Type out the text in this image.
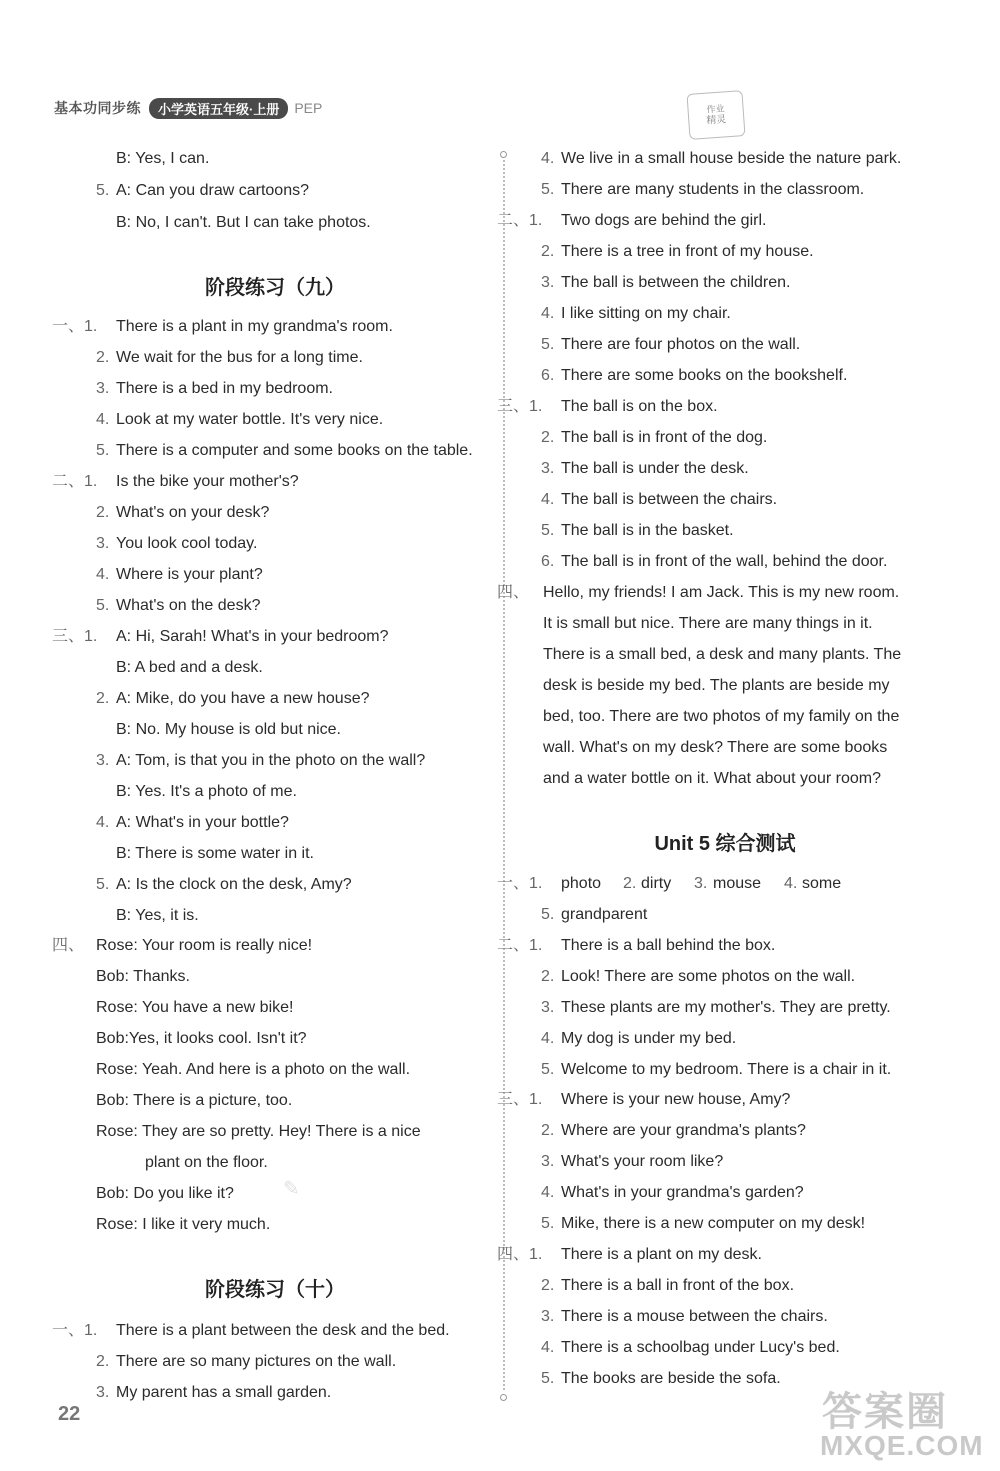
基本功同步练	小学英语五年级·上册	PEP	作业
精灵
B: Yes, I can.
5. A: Can you draw cartoons?
B: No, I can't. But I can take photos.
一、1. There is a plant in my grandma's room.
2. We wait for the bus for a long time.
3. There is a bed in my bedroom.
4. Look at my water bottle. It's very nice.
5. There is a computer and some books on the table.
二、1. Is the bike your mother's?
2. What's on your desk?
3. You look cool today.
4. Where is your plant?
5. What's on the desk?
三、1. A: Hi, Sarah! What's in your bedroom?
B: A bed and a desk.
2. A: Mike, do you have a new house?
B: No. My house is old but nice.
3. A: Tom, is that you in the photo on the wall?
B: Yes. It's a photo of me.
4. A: What's in your bottle?
B: There is some water in it.
5. A: Is the clock on the desk, Amy?
B: Yes, it is.
四、 Rose: Your room is really nice!
Bob: Thanks.
Rose: You have a new bike!
Bob:Yes, it looks cool. Isn't it?
Rose: Yeah. And here is a photo on the wall.
Bob: There is a picture, too.
Rose: They are so pretty. Hey! There is a nice
plant on the floor.
Bob: Do you like it?
Rose: I like it very much.
一、1. There is a plant between the desk and the bed.
2. There are so many pictures on the wall.
3. My parent has a small garden.
4. We live in a small house beside the nature park.
5. There are many students in the classroom.
二、1. Two dogs are behind the girl.
2. There is a tree in front of my house.
3. The ball is between the children.
4. I like sitting on my chair.
5. There are four photos on the wall.
6. There are some books on the bookshelf.
三、1. The ball is on the box.
2. The ball is in front of the dog.
3. The ball is under the desk.
4. The ball is between the chairs.
5. The ball is in the basket.
6. The ball is in front of the wall, behind the door.
四、 Hello, my friends! I am Jack. This is my new room.
It is small but nice. There are many things in it.
There is a small bed, a desk and many plants. The
desk is beside my bed. The plants are beside my
bed, too. There are two photos of my family on the
wall. What's on my desk? There are some books
and a water bottle on it. What about your room?
一、1. photo 2. dirty 3. mouse 4. some
5. grandparent
二、1. There is a ball behind the box.
2. Look! There are some photos on the wall.
3. These plants are my mother's. They are pretty.
4. My dog is under my bed.
5. Welcome to my bedroom. There is a chair in it.
三、1. Where is your new house, Amy?
2. Where are your grandma's plants?
3. What's your room like?
4. What's in your grandma's garden?
5. Mike, there is a new computer on my desk!
四、1. There is a plant on my desk.
2. There is a ball in front of the box.
3. There is a mouse between the chairs.
4. There is a schoolbag under Lucy's bed.
5. The books are beside the sofa.
阶段练习（九）
阶段练习（十）
Unit 5 综合测试
✎
22	答案圈
MXQE.COM
